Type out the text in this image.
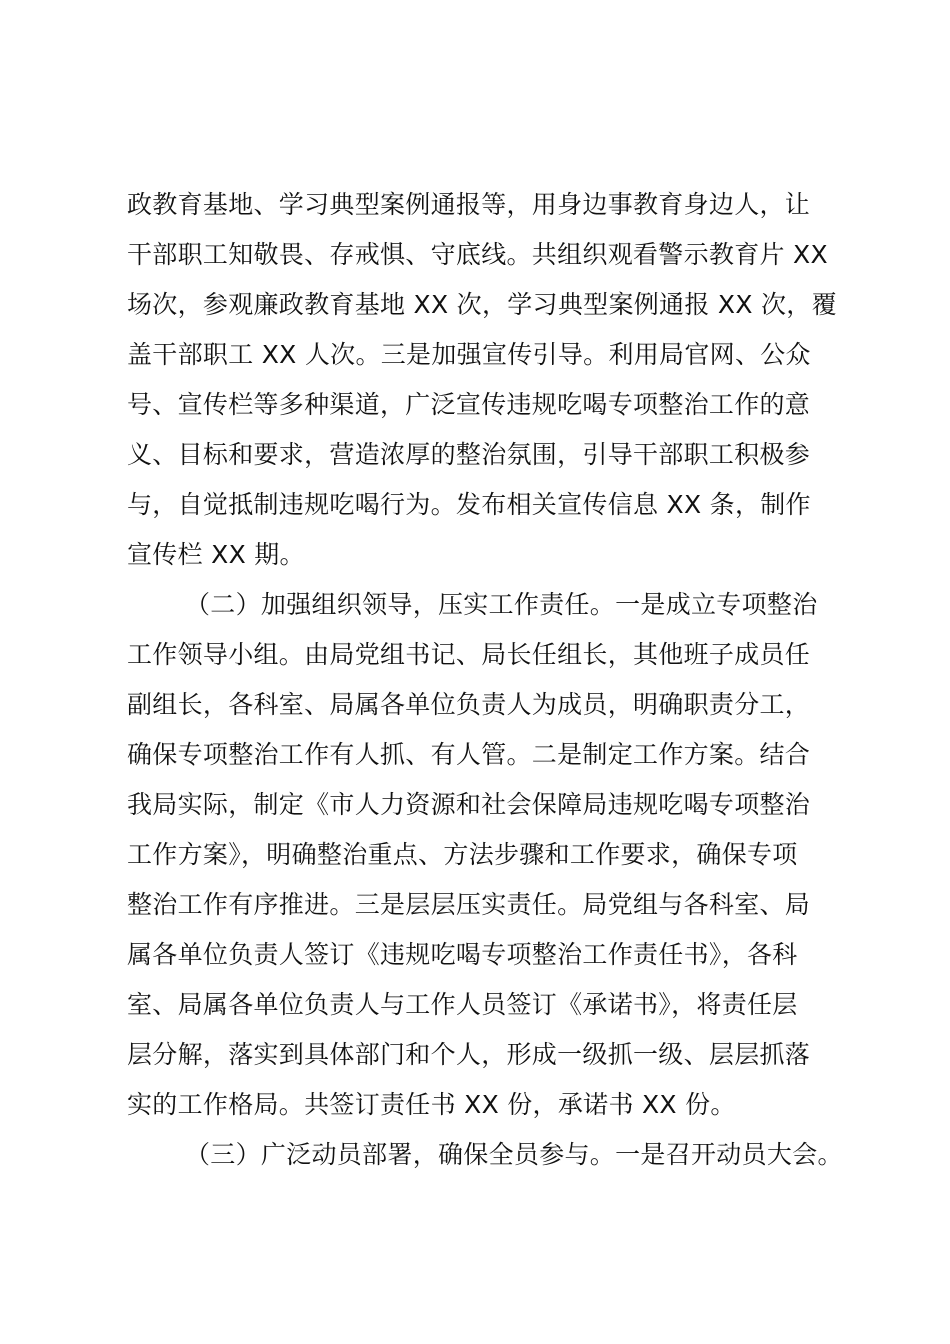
政教育基地、学习典型案例通报等，用身边事教育身边人，让
干部职工知敬畏、存戒惧、守底线。共组织观看警示教育片 XX
场次，参观廉政教育基地 XX 次，学习典型案例通报 XX 次，覆
盖干部职工 XX 人次。三是加强宣传引导。利用局官网、公众
号、宣传栏等多种渠道，广泛宣传违规吃喝专项整治工作的意
义、目标和要求，营造浓厚的整治氛围，引导干部职工积极参
与，自觉抵制违规吃喝行为。发布相关宣传信息 XX 条，制作
宣传栏 XX 期。
（二）加强组织领导，压实工作责任。一是成立专项整治
工作领导小组。由局党组书记、局长任组长，其他班子成员任
副组长，各科室、局属各单位负责人为成员，明确职责分工，
确保专项整治工作有人抓、有人管。二是制定工作方案。结合
我局实际，制定《市人力资源和社会保障局违规吃喝专项整治
工作方案》，明确整治重点、方法步骤和工作要求，确保专项
整治工作有序推进。三是层层压实责任。局党组与各科室、局
属各单位负责人签订《违规吃喝专项整治工作责任书》，各科
室、局属各单位负责人与工作人员签订《承诺书》，将责任层
层分解，落实到具体部门和个人，形成一级抓一级、层层抓落
实的工作格局。共签订责任书 XX 份，承诺书 XX 份。
（三）广泛动员部署，确保全员参与。一是召开动员大会。
